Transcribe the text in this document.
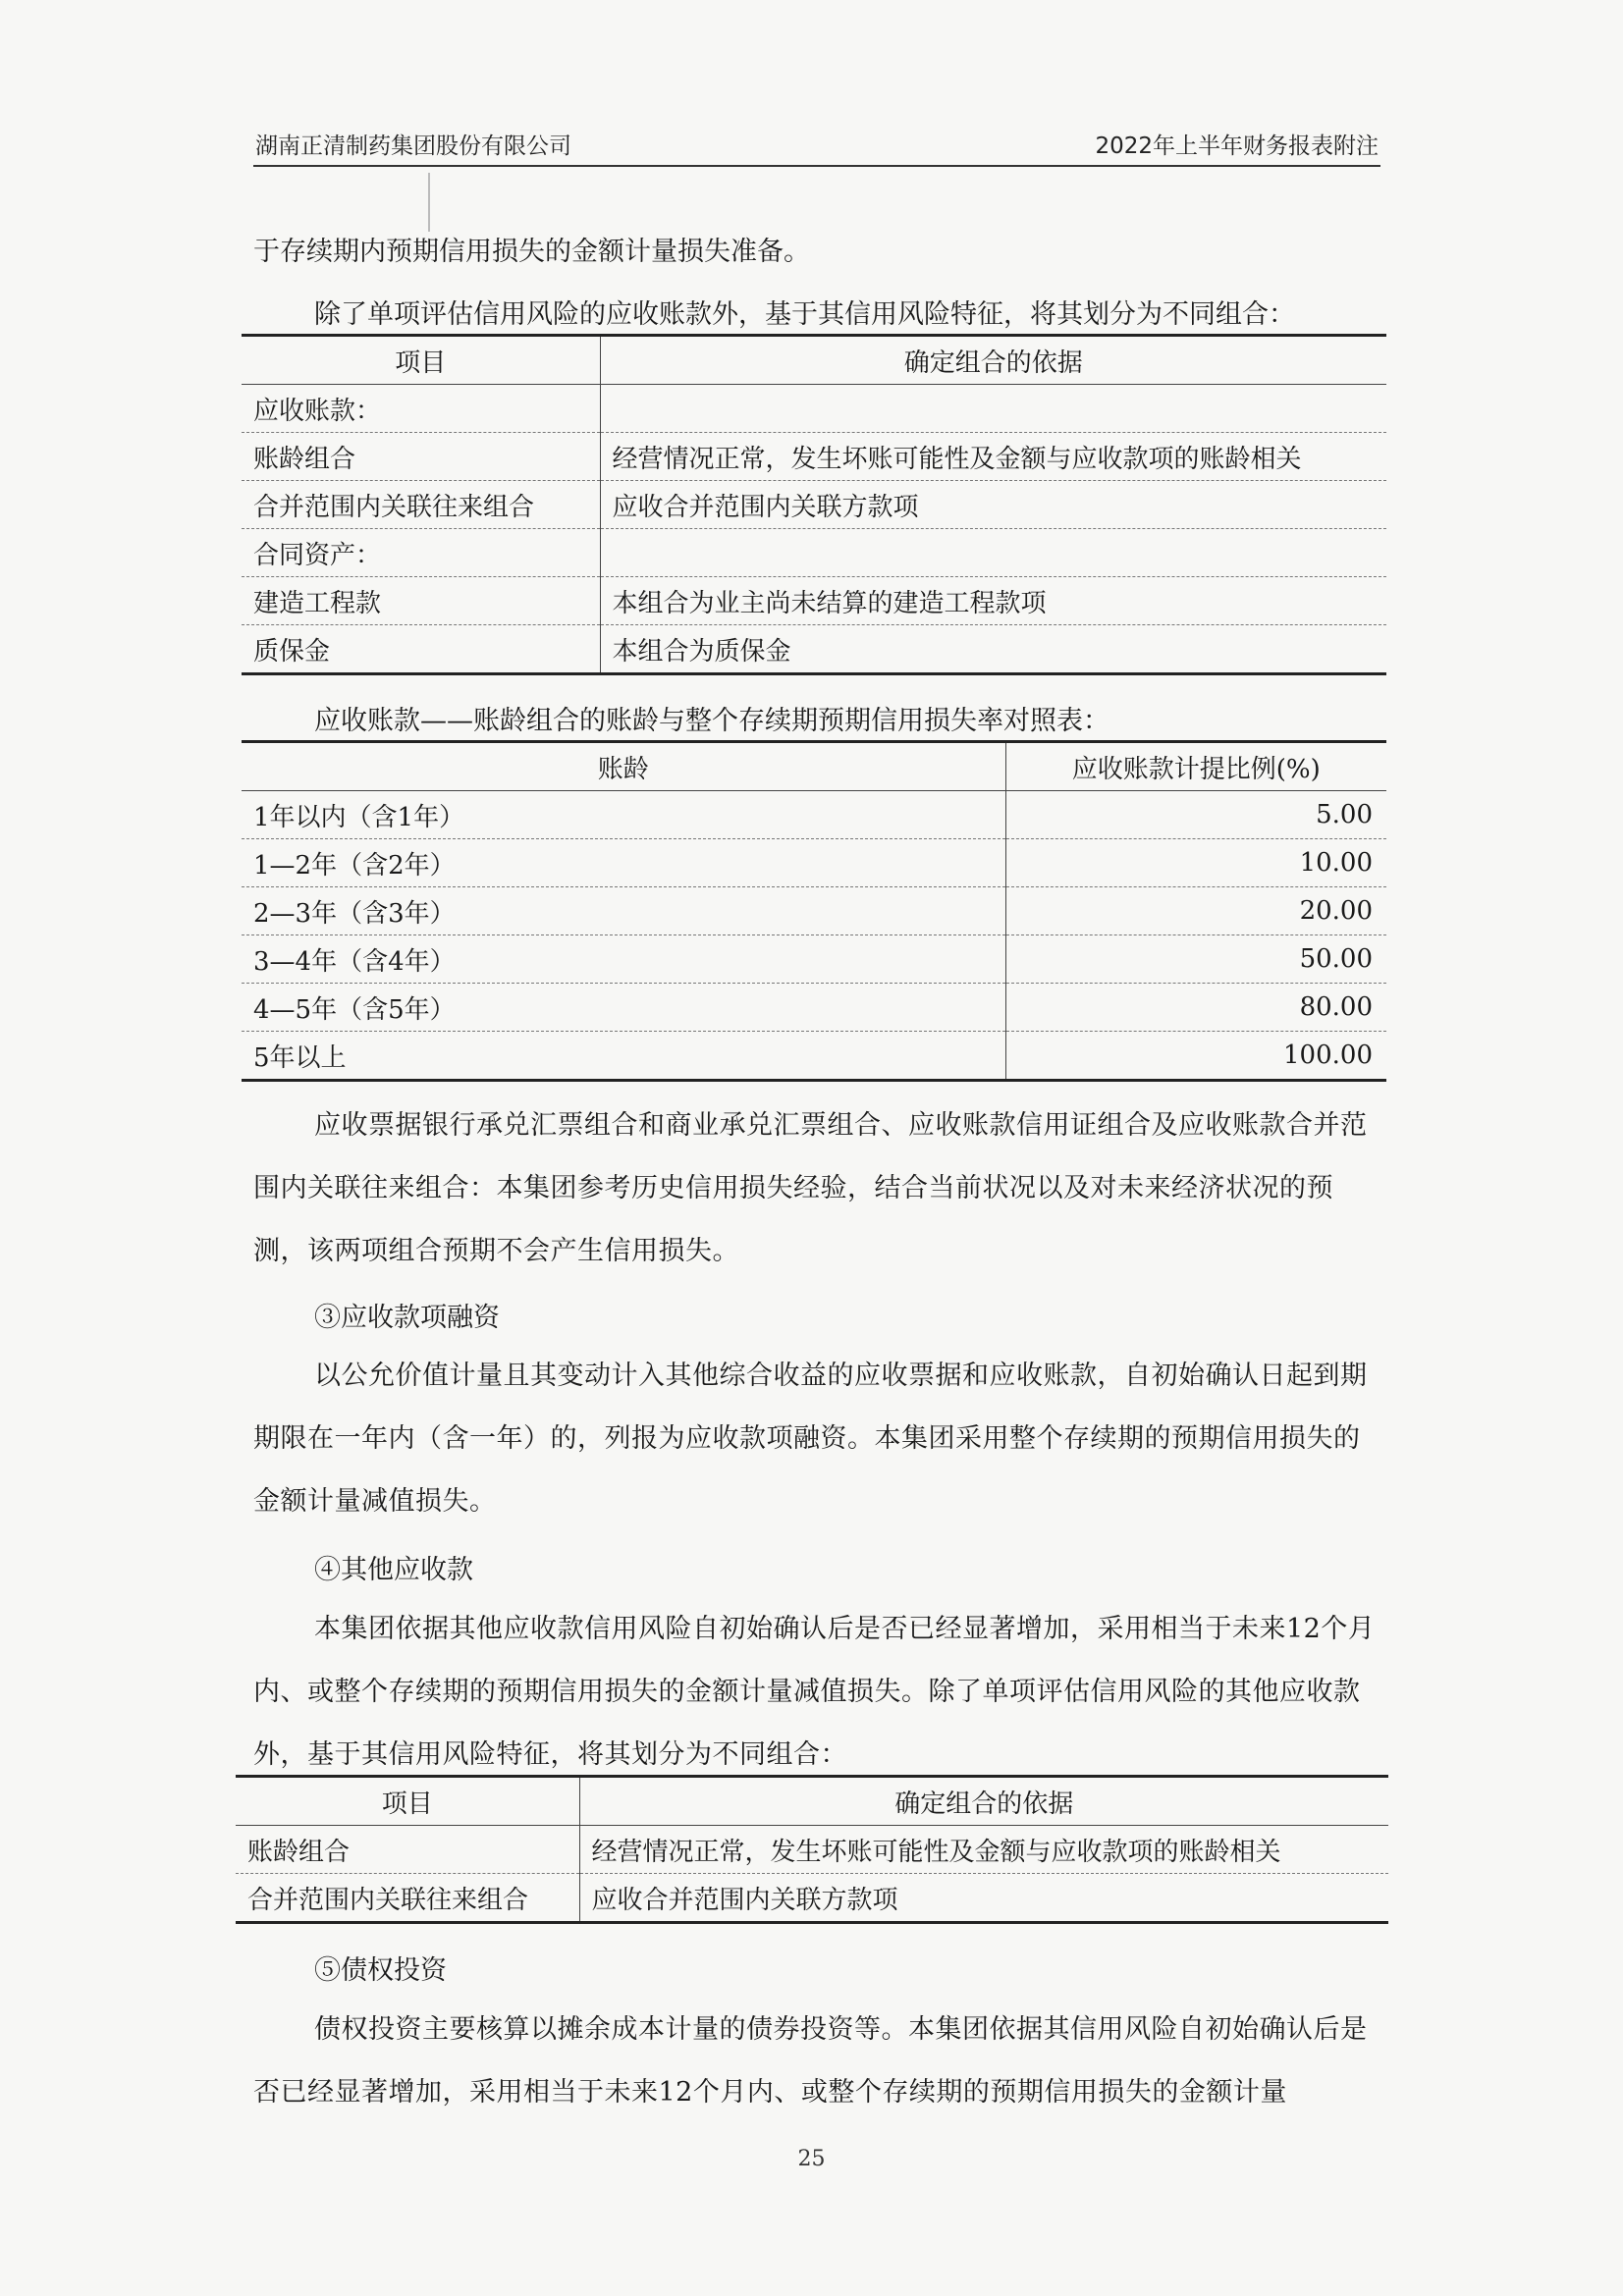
湖南正清制药集团股份有限公司	2022年上半年财务报表附注
于存续期内预期信用损失的金额计量损失准备。
除了单项评估信用风险的应收账款外，基于其信用风险特征，将其划分为不同组合：
项目	确定组合的依据
应收账款：	
账龄组合	经营情况正常，发生坏账可能性及金额与应收款项的账龄相关
合并范围内关联往来组合	应收合并范围内关联方款项
合同资产：	
建造工程款	本组合为业主尚未结算的建造工程款项
质保金	本组合为质保金
应收账款——账龄组合的账龄与整个存续期预期信用损失率对照表：
账龄	应收账款计提比例(%)
1年以内（含1年）	5.00
1—2年（含2年）	10.00
2—3年（含3年）	20.00
3—4年（含4年）	50.00
4—5年（含5年）	80.00
5年以上	100.00
应收票据银行承兑汇票组合和商业承兑汇票组合、应收账款信用证组合及应收账款合并范围内关联往来组合：本集团参考历史信用损失经验，结合当前状况以及对未来经济状况的预测，该两项组合预期不会产生信用损失。
③应收款项融资
以公允价值计量且其变动计入其他综合收益的应收票据和应收账款，自初始确认日起到期期限在一年内（含一年）的，列报为应收款项融资。本集团采用整个存续期的预期信用损失的金额计量减值损失。
④其他应收款
本集团依据其他应收款信用风险自初始确认后是否已经显著增加，采用相当于未来12个月内、或整个存续期的预期信用损失的金额计量减值损失。除了单项评估信用风险的其他应收款外，基于其信用风险特征，将其划分为不同组合：
项目	确定组合的依据
账龄组合	经营情况正常，发生坏账可能性及金额与应收款项的账龄相关
合并范围内关联往来组合	应收合并范围内关联方款项
⑤债权投资
债权投资主要核算以摊余成本计量的债券投资等。本集团依据其信用风险自初始确认后是否已经显著增加，采用相当于未来12个月内、或整个存续期的预期信用损失的金额计量
25
